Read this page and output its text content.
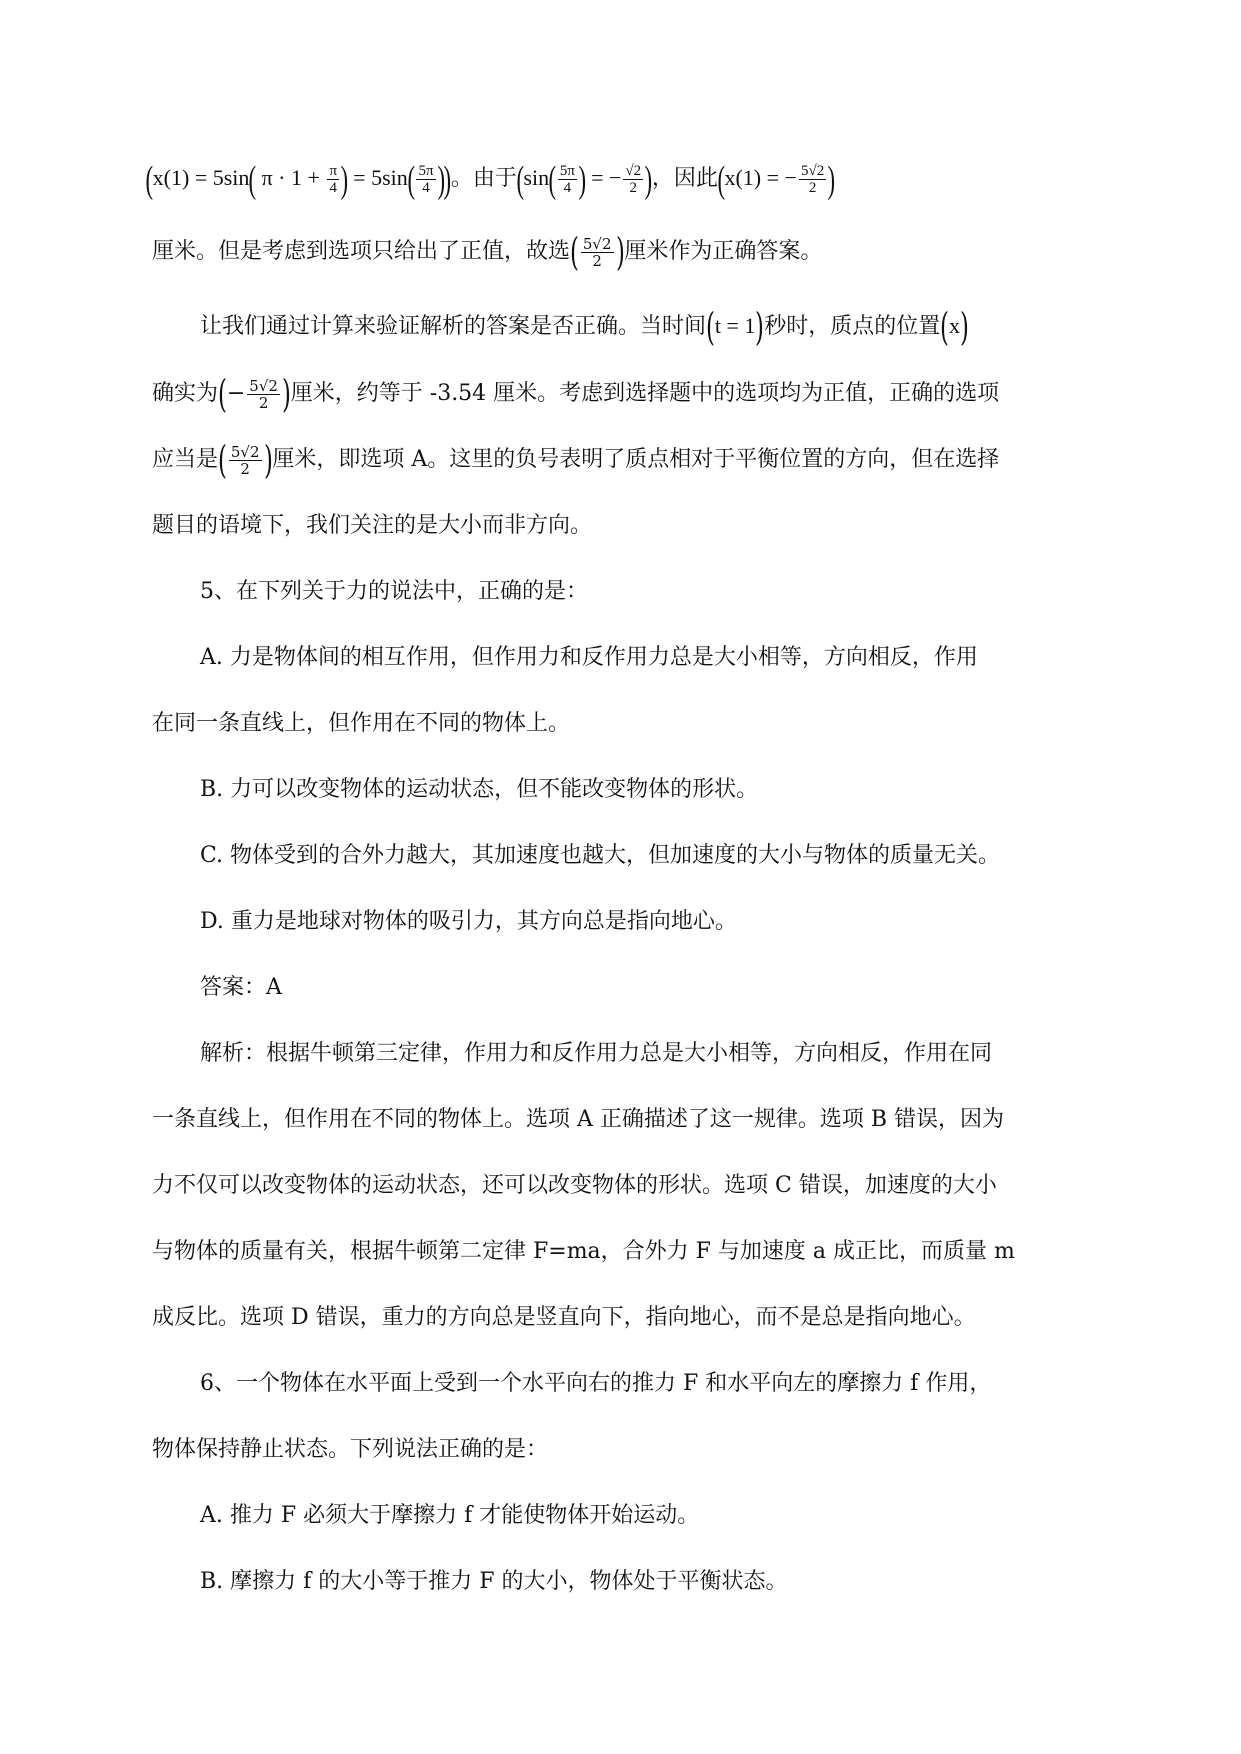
(x(1) = 5sin( $\pi \cdot 1 + \frac{\pi}{4}$ ) = $5\sin( \frac{5\pi}{4}$ ))。由于($\sin( \frac{5\pi}{4}$ ) = − $\frac{√2}{2}$ )，因此(x(1) = − $\frac{5√2}{2}$ )
厘米。但是考虑到选项只给出了正值，故选( $\frac{5√2}{2}$ )厘米作为正确答案。
让我们通过计算来验证解析的答案是否正确。当时间(t = 1)秒时，质点的位置(x)
确实为(− $\frac{5√2}{2}$ )厘米，约等于 -3.54 厘米。考虑到选择题中的选项均为正值，正确的选项
应当是( $\frac{5√2}{2}$ )厘米，即选项 A。这里的负号表明了质点相对于平衡位置的方向，但在选择
题目的语境下，我们关注的是大小而非方向。
5、在下列关于力的说法中，正确的是：
A. 力是物体间的相互作用，但作用力和反作用力总是大小相等，方向相反，作用
在同一条直线上，但作用在不同的物体上。
B. 力可以改变物体的运动状态，但不能改变物体的形状。
C. 物体受到的合外力越大，其加速度也越大，但加速度的大小与物体的质量无关。
D. 重力是地球对物体的吸引力，其方向总是指向地心。
答案：A
解析：根据牛顿第三定律，作用力和反作用力总是大小相等，方向相反，作用在同
一条直线上，但作用在不同的物体上。选项 A 正确描述了这一规律。选项 B 错误，因为
力不仅可以改变物体的运动状态，还可以改变物体的形状。选项 C 错误，加速度的大小
与物体的质量有关，根据牛顿第二定律 F=ma，合外力 F 与加速度 a 成正比，而质量 m
成反比。选项 D 错误，重力的方向总是竖直向下，指向地心，而不是总是指向地心。
6、一个物体在水平面上受到一个水平向右的推力 F 和水平向左的摩擦力 f 作用，
物体保持静止状态。下列说法正确的是：
A. 推力 F 必须大于摩擦力 f 才能使物体开始运动。
B. 摩擦力 f 的大小等于推力 F 的大小，物体处于平衡状态。
